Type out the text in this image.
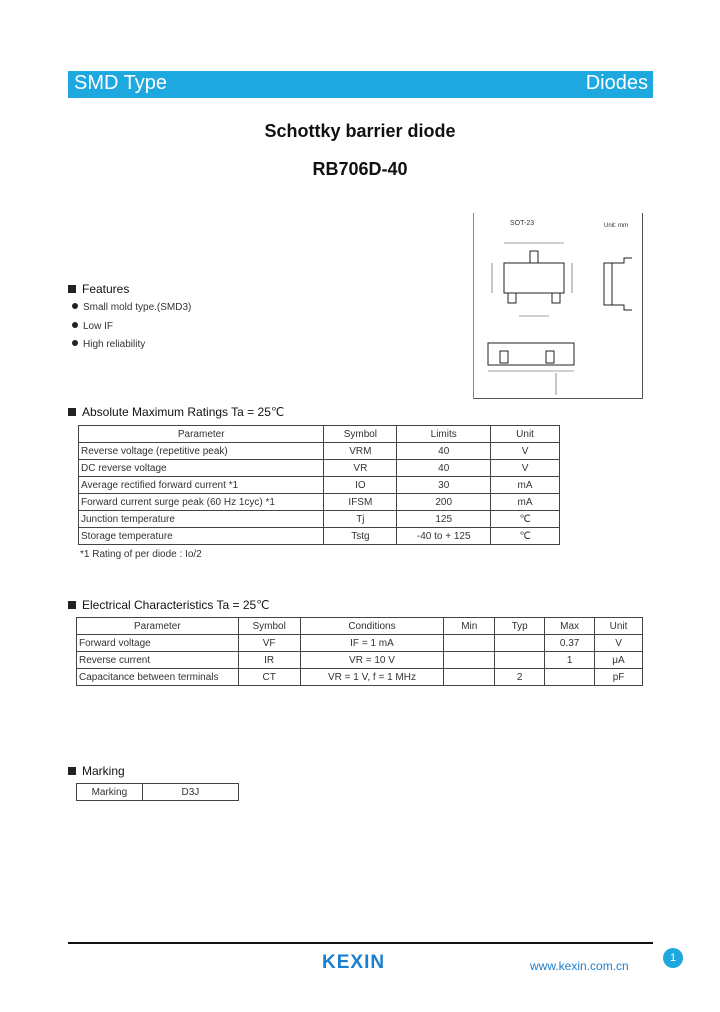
SMD Type	Diodes
Schottky barrier diode
RB706D-40
SOT-23	Unit: mm
Features
Small mold type.(SMD3)
Low IF
High reliability
Absolute Maximum Ratings Ta = 25℃
Parameter	Symbol	Limits	Unit
Reverse voltage (repetitive peak)	VRM	40	V
DC reverse voltage	VR	40	V
Average rectified forward current *1	IO	30	mA
Forward current surge peak (60 Hz 1cyc) *1	IFSM	200	mA
Junction temperature	Tj	125	℃
Storage temperature	Tstg	-40 to + 125	℃
*1 Rating of per diode : Io/2
Electrical Characteristics Ta = 25℃
Parameter	Symbol	Conditions	Min	Typ	Max	Unit
Forward voltage	VF	IF = 1 mA			0.37	V
Reverse current	IR	VR = 10 V			1	μA
Capacitance between terminals	CT	VR = 1 V, f = 1 MHz		2		pF
Marking
Marking	D3J
KEXIN	www.kexin.com.cn
1
